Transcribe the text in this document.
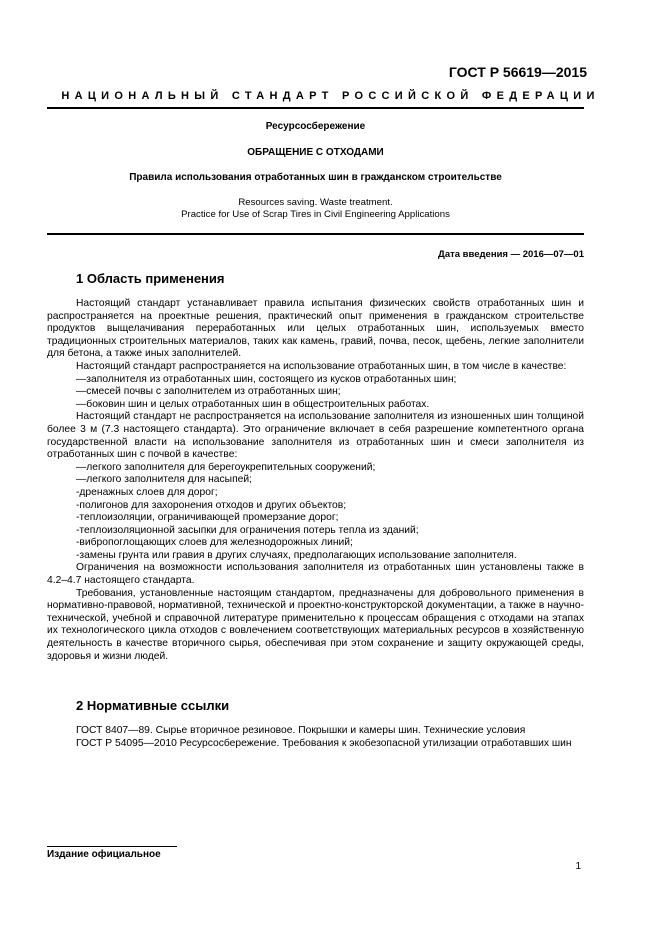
ГОСТ Р 56619—2015
НАЦИОНАЛЬНЫЙ СТАНДАРТ РОССИЙСКОЙ ФЕДЕРАЦИИ
Ресурсосбережение
ОБРАЩЕНИЕ С ОТХОДАМИ
Правила использования отработанных шин в гражданском строительстве
Resources saving. Waste treatment.
Practice for Use of Scrap Tires in Civil Engineering Applications
Дата введения — 2016—07—01
1 Область применения

Настоящий стандарт устанавливает правила испытания физических свойств отработанных шин и распространяется на проектные решения, практический опыт применения в гражданском строительстве продуктов выщелачивания переработанных или целых отработанных шин, используемых вместо традиционных строительных материалов, таких как камень, гравий, почва, песок, щебень, легкие заполнители для бетона, а также иных заполнителей.

Настоящий стандарт распространяется на использование отработанных шин, в том числе в качестве:

—заполнителя из отработанных шин, состоящего из кусков отработанных шин;

—смесей почвы с заполнителем из отработанных шин;

—боковин шин и целых отработанных шин в общестроительных работах.

Настоящий стандарт не распространяется на использование заполнителя из изношенных шин толщиной более 3 м (7.3 настоящего стандарта). Это ограничение включает в себя разрешение компетентного органа государственной власти на использование заполнителя из отработанных шин и смеси заполнителя из отработанных шин с почвой в качестве:

—легкого заполнителя для берегоукрепительных сооружений;

—легкого заполнителя для насыпей;

-дренажных слоев для дорог;

-полигонов для захоронения отходов и других объектов;

-теплоизоляции, ограничивающей промерзание дорог;

-теплоизоляционной засыпки для ограничения потерь тепла из зданий;

-вибропоглощающих слоев для железнодорожных линий;

-замены грунта или гравия в других случаях, предполагающих использование заполнителя.

Ограничения на возможности использования заполнителя из отработанных шин установлены также в 4.2–4.7 настоящего стандарта.

Требования, установленные настоящим стандартом, предназначены для добровольного применения в нормативно-правовой, нормативной, технической и проектно-конструкторской документации, а также в научно-технической, учебной и справочной литературе применительно к процессам обращения с отходами на этапах их технологического цикла отходов с вовлечением соответствующих материальных ресурсов в хозяйственную деятельность в качестве вторичного сырья, обеспечивая при этом сохранение и защиту окружающей среды, здоровья и жизни людей.

2 Нормативные ссылки

ГОСТ 8407—89. Сырье вторичное резиновое. Покрышки и камеры шин. Технические условия

ГОСТ Р 54095—2010 Ресурсосбережение. Требования к экобезопасной утилизации отработавших шин

Издание официальное
1
